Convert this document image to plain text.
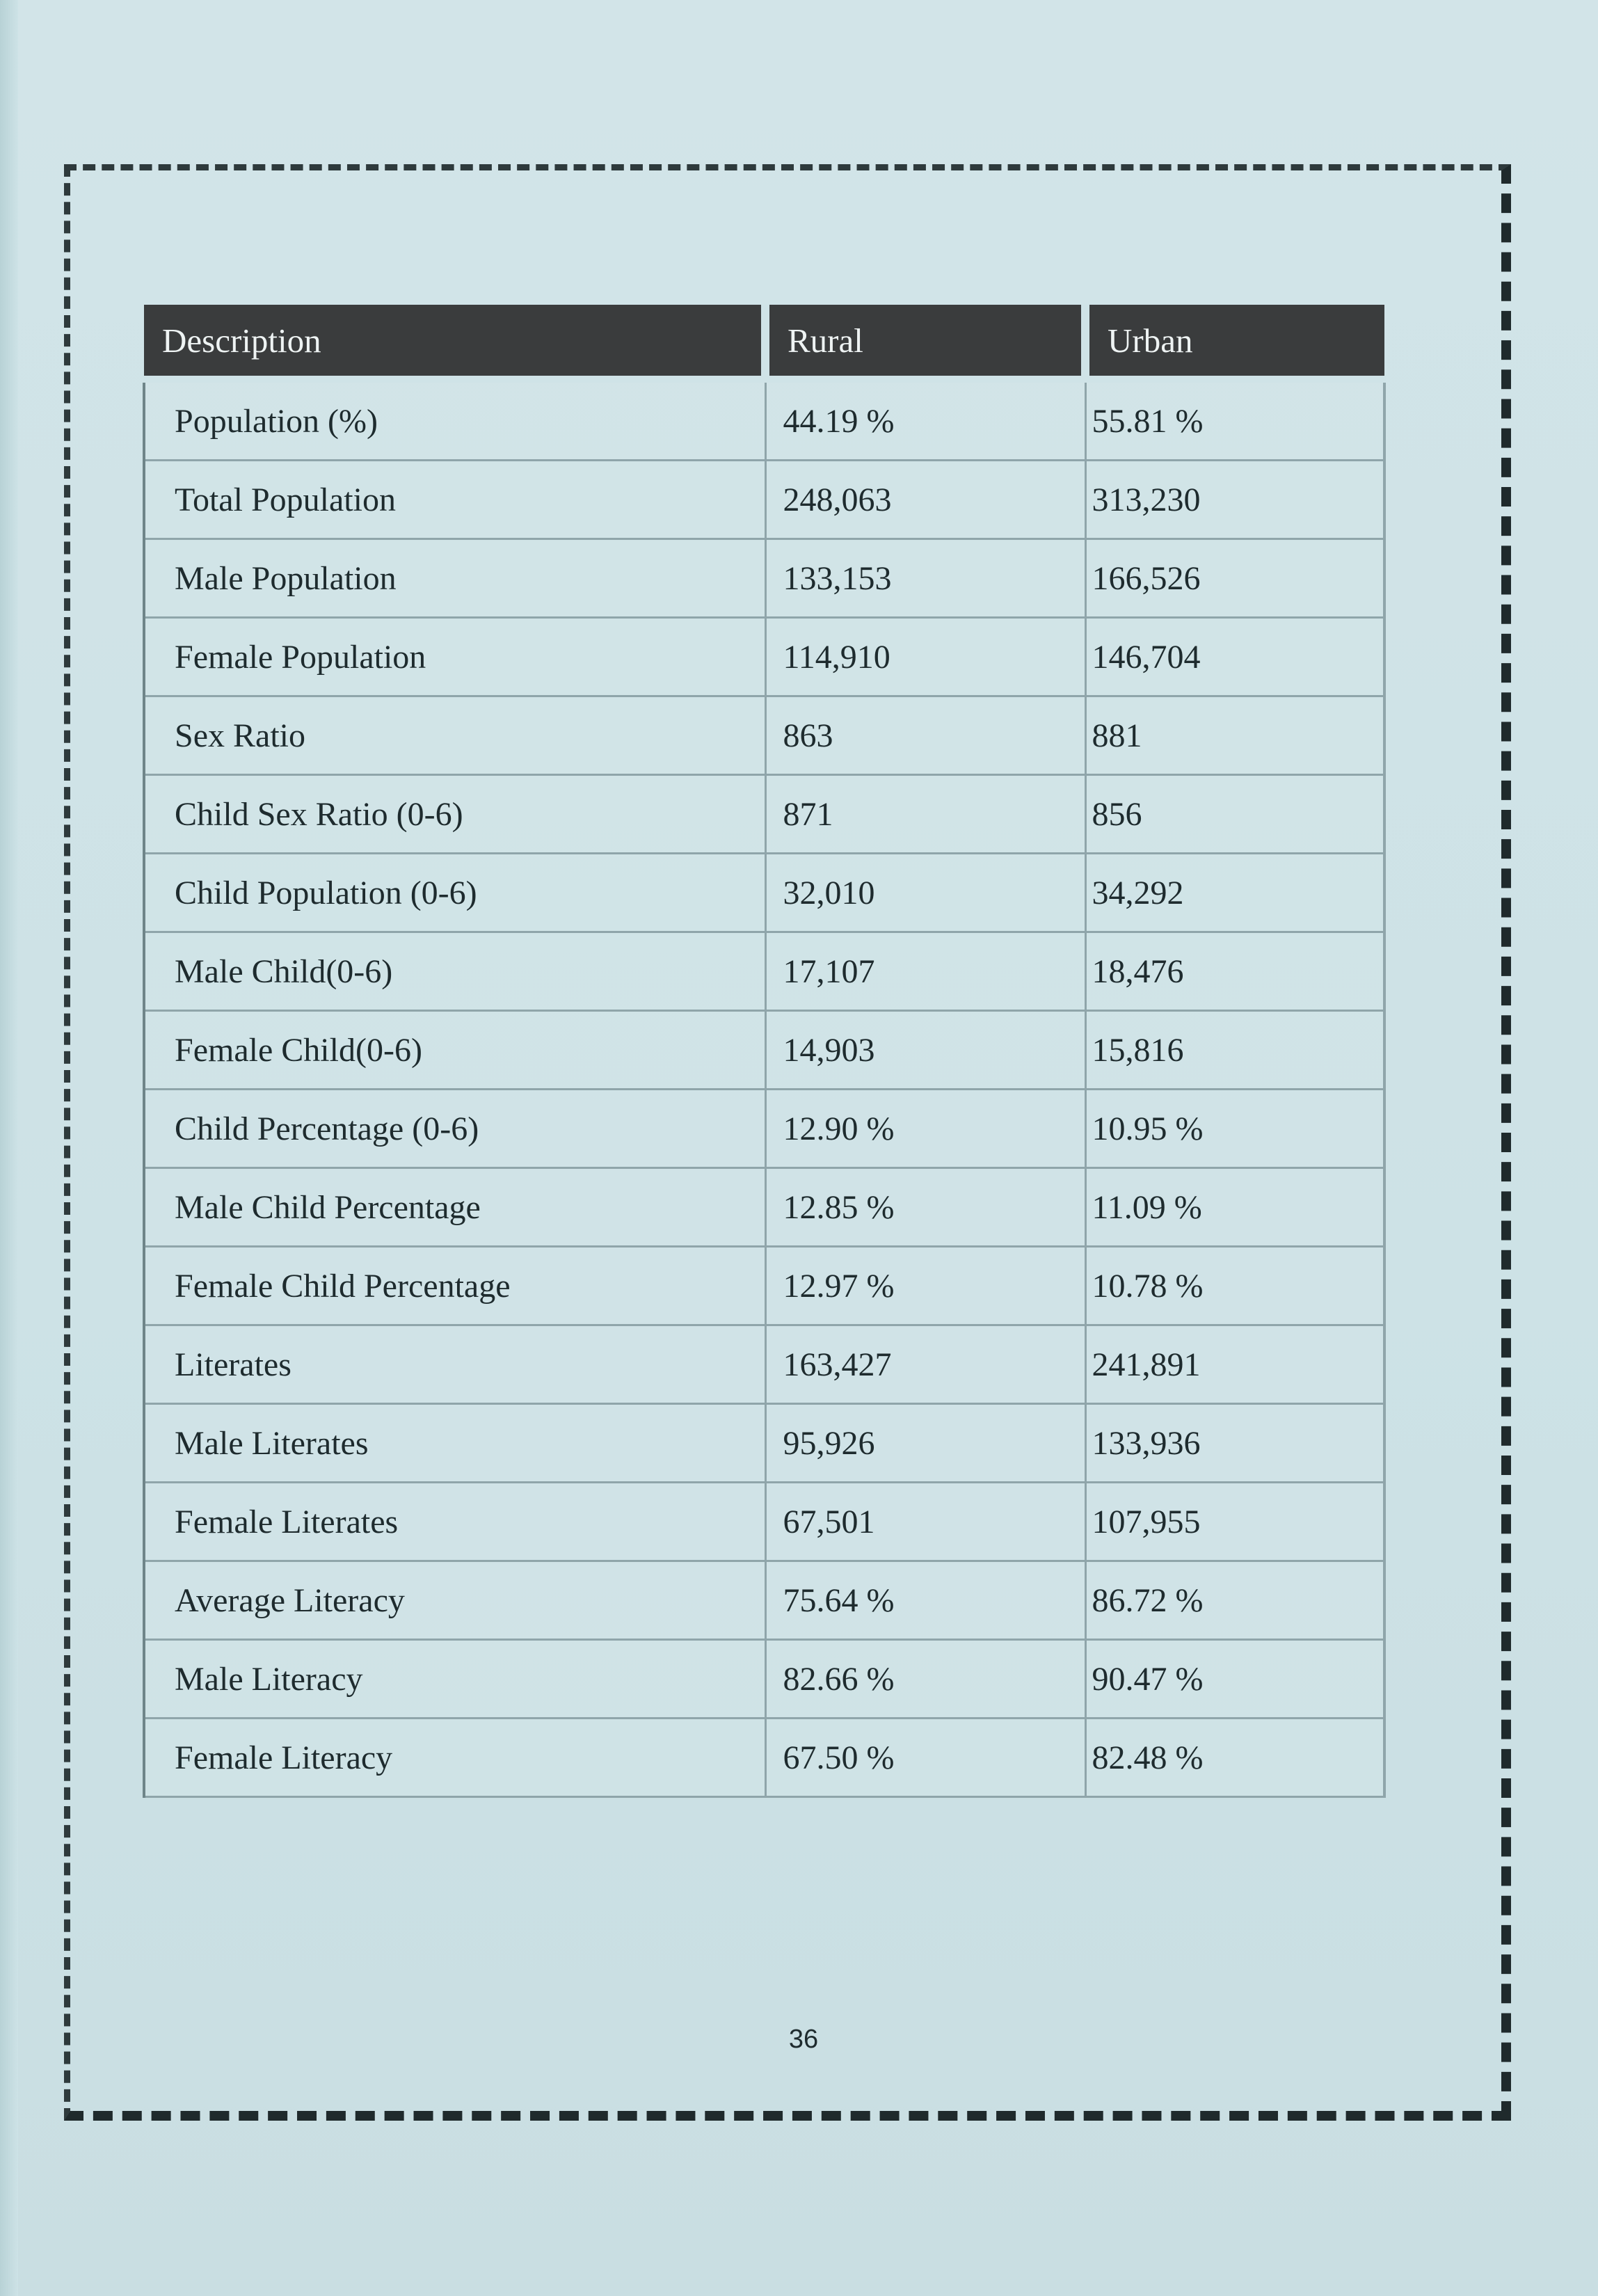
Description	Rural	Urban
Population (%)	44.19 %	55.81 %
Total Population	248,063	313,230
Male Population	133,153	166,526
Female Population	114,910	146,704
Sex Ratio	863	881
Child Sex Ratio (0-6)	871	856
Child Population (0-6)	32,010	34,292
Male Child(0-6)	17,107	18,476
Female Child(0-6)	14,903	15,816
Child Percentage (0-6)	12.90 %	10.95 %
Male Child Percentage	12.85 %	11.09 %
Female Child Percentage	12.97 %	10.78 %
Literates	163,427	241,891
Male Literates	95,926	133,936
Female Literates	67,501	107,955
Average Literacy	75.64 %	86.72 %
Male Literacy	82.66 %	90.47 %
Female Literacy	67.50 %	82.48 %
36
